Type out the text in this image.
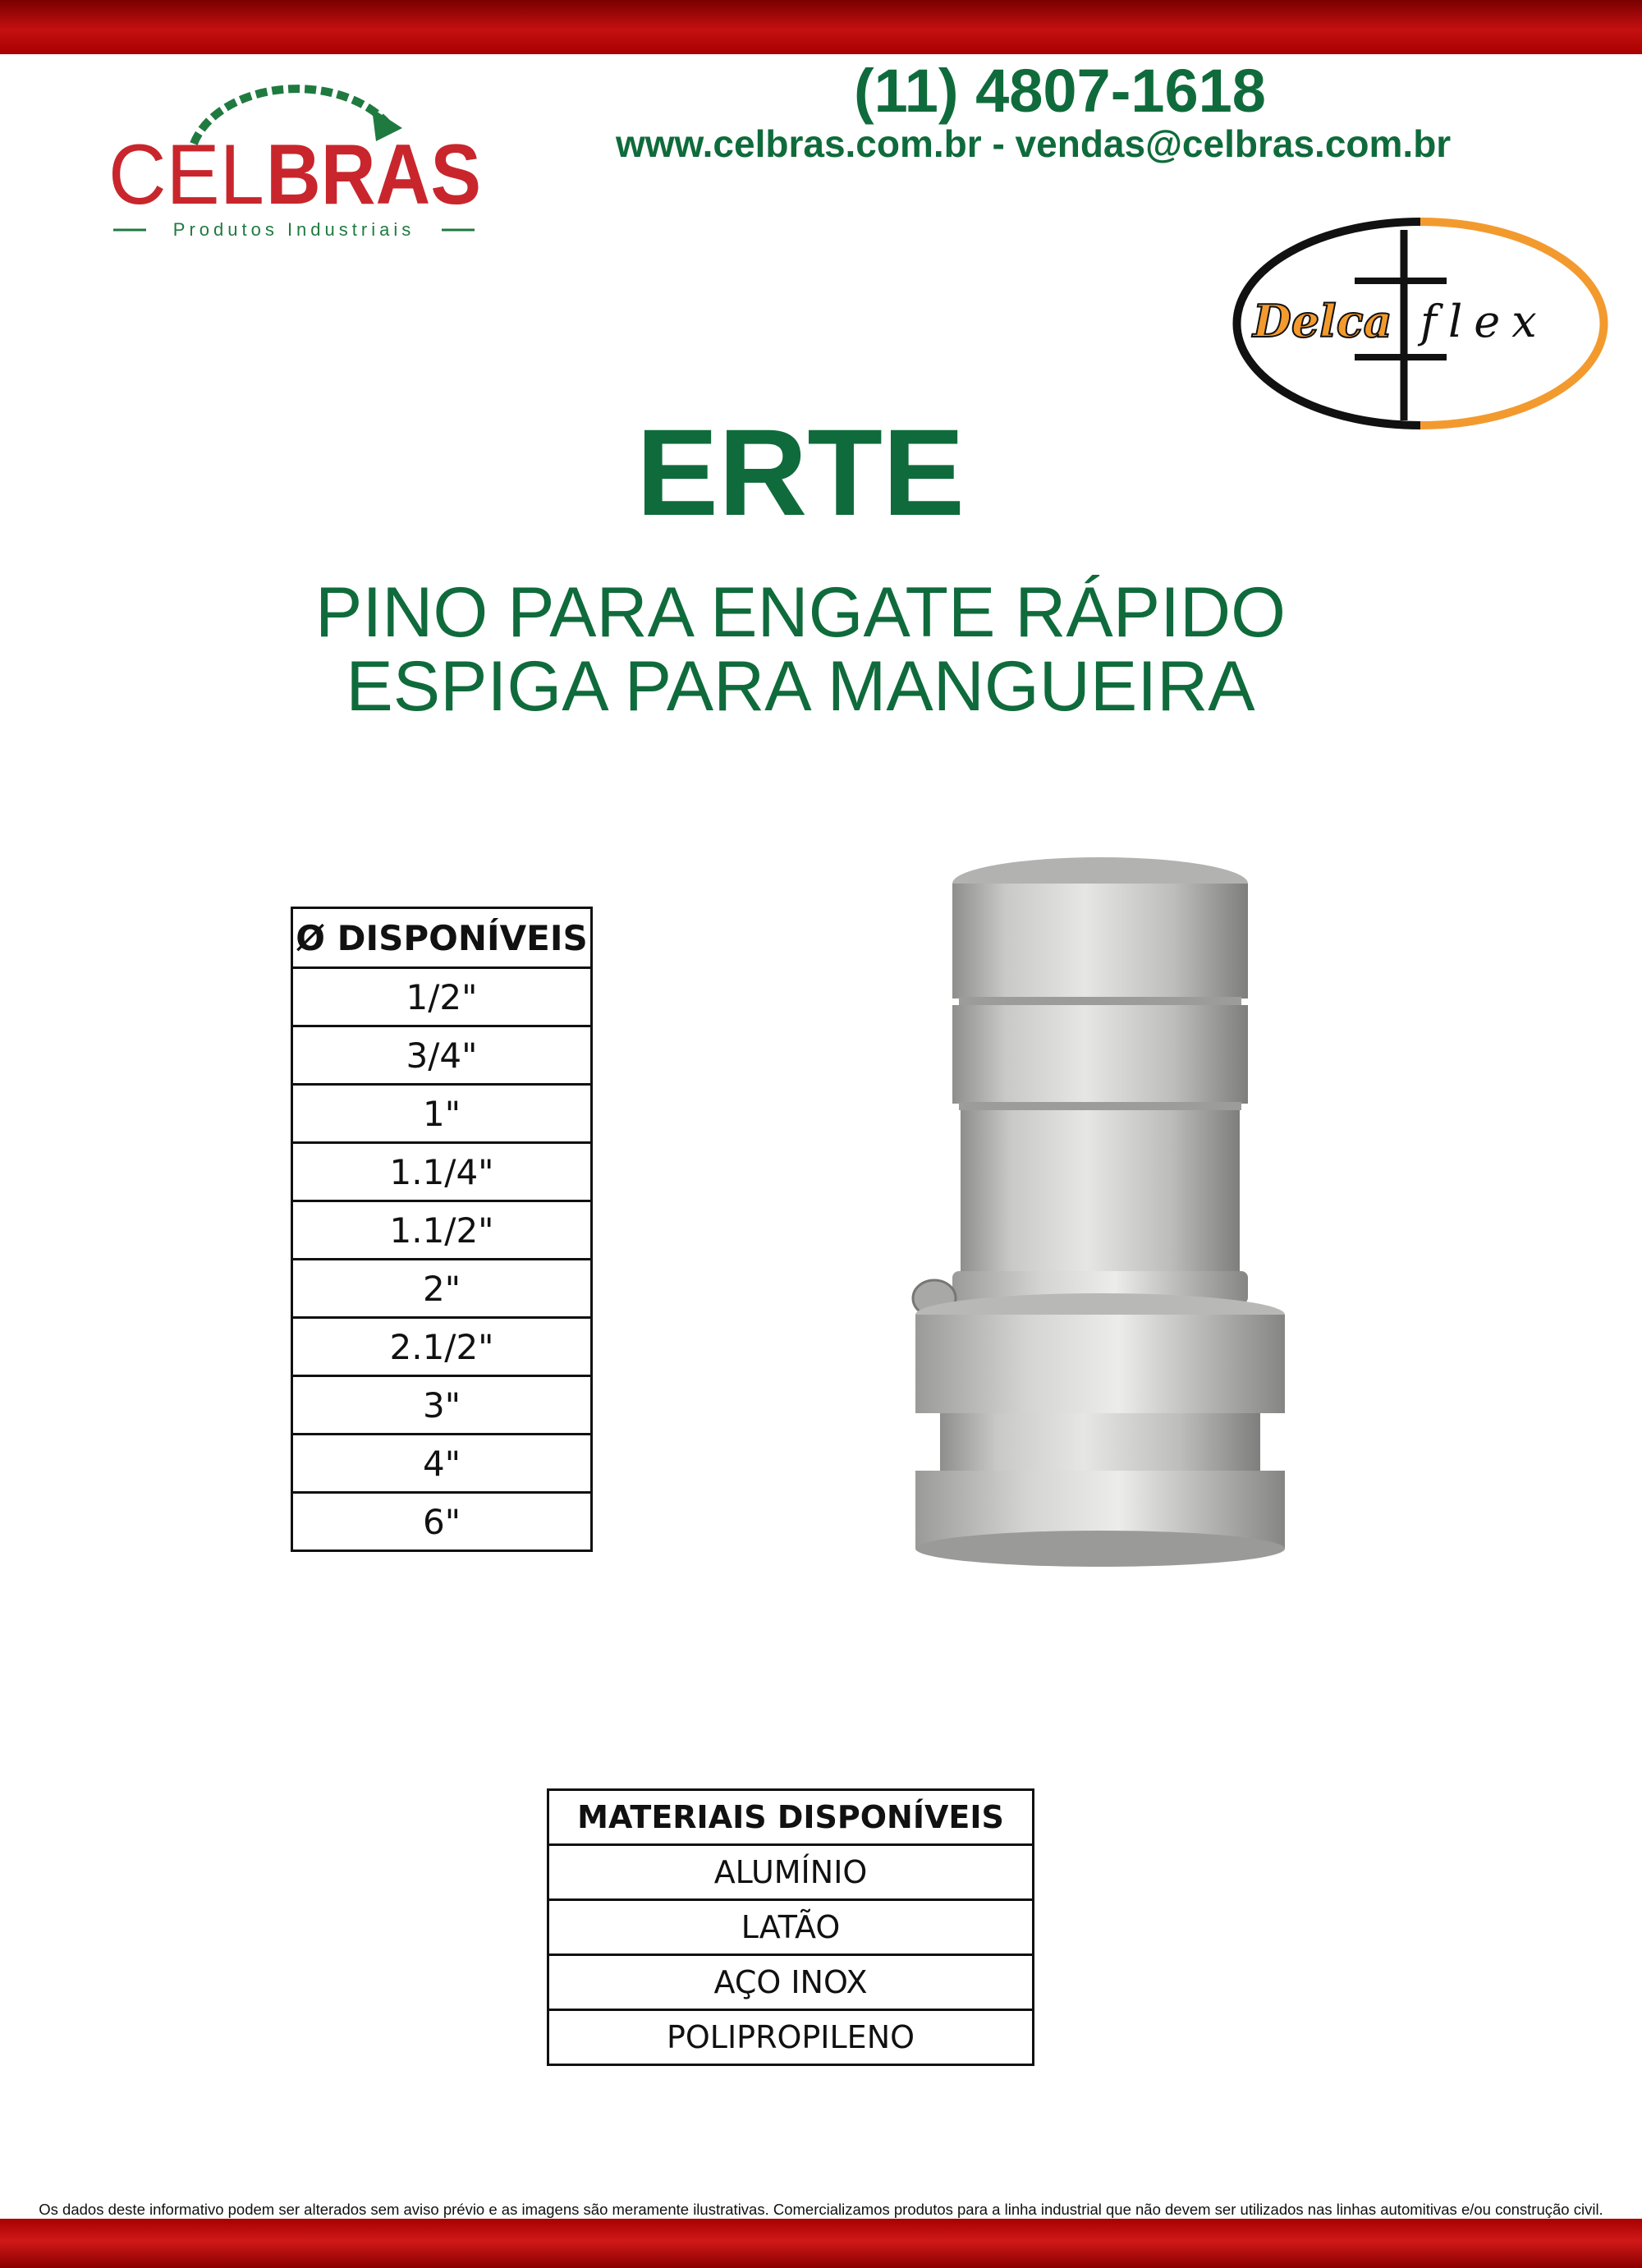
CEL BRAS
Produtos Industriais
(11) 4807-1618
www.celbras.com.br - vendas@celbras.com.br
Delca flex
ERTE
PINO PARA ENGATE RÁPIDO
ESPIGA PARA MANGUEIRA
Ø DISPONÍVEIS
1/2"
3/4"
1"
1.1/4"
1.1/2"
2"
2.1/2"
3"
4"
6"
MATERIAIS DISPONÍVEIS
ALUMÍNIO
LATÃO
AÇO INOX
POLIPROPILENO
Os dados deste informativo podem ser alterados sem aviso prévio e as imagens são meramente ilustrativas. Comercializamos produtos para a linha industrial que não devem ser utilizados nas linhas automitivas e/ou construção civil.
